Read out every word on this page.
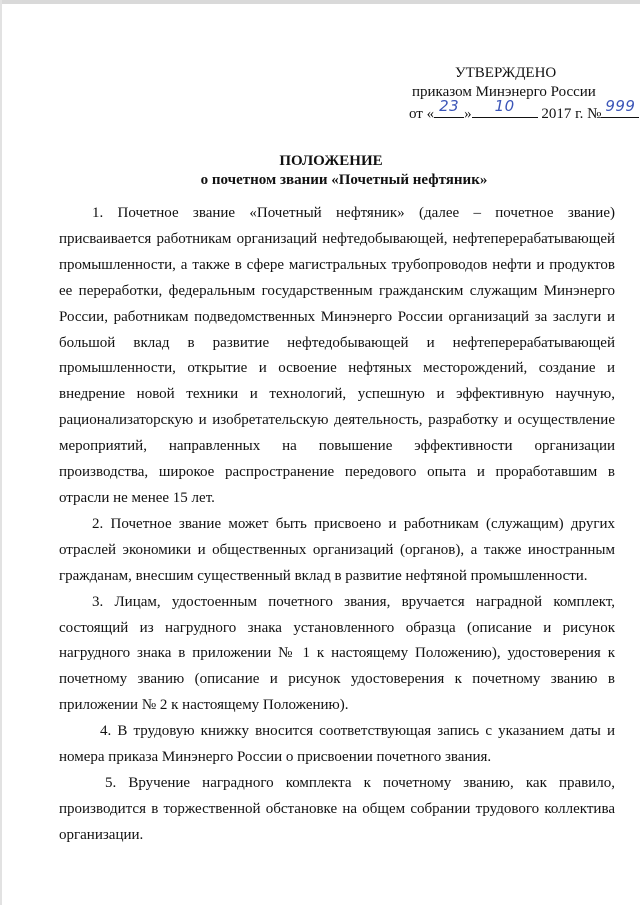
УТВЕРЖДЕНО
приказом Минэнерго России
от « 23 »	10	2017 г. № 999
ПОЛОЖЕНИЕ
о почетном звании «Почетный нефтяник»

1. Почетное звание «Почетный нефтяник» (далее – почетное звание) присваивается работникам организаций нефтедобывающей, нефтеперерабатывающей промышленности, а также в сфере магистральных трубопроводов нефти и продуктов ее переработки, федеральным государственным гражданским служащим Минэнерго России, работникам подведомственных Минэнерго России организаций за заслуги и большой вклад в развитие нефтедобывающей и нефтеперерабатывающей промышленности, открытие и освоение нефтяных месторождений, создание и внедрение новой техники и технологий, успешную и эффективную научную, рационализаторскую и изобретательскую деятельность, разработку и осуществление мероприятий, направленных на повышение эффективности организации производства, широкое распространение передового опыта и проработавшим в отрасли не менее 15 лет.

2. Почетное звание может быть присвоено и работникам (служащим) других отраслей экономики и общественных организаций (органов), а также иностранным гражданам, внесшим существенный вклад в развитие нефтяной промышленности.

3. Лицам, удостоенным почетного звания, вручается наградной комплект, состоящий из нагрудного знака установленного образца (описание и рисунок нагрудного знака в приложении № 1 к настоящему Положению), удостоверения к почетному званию (описание и рисунок удостоверения к почетному званию в приложении № 2 к настоящему Положению).

4. В трудовую книжку вносится соответствующая запись с указанием даты и номера приказа Минэнерго России о присвоении почетного звания.

5. Вручение наградного комплекта к почетному званию, как правило, производится в торжественной обстановке на общем собрании трудового коллектива организации.
